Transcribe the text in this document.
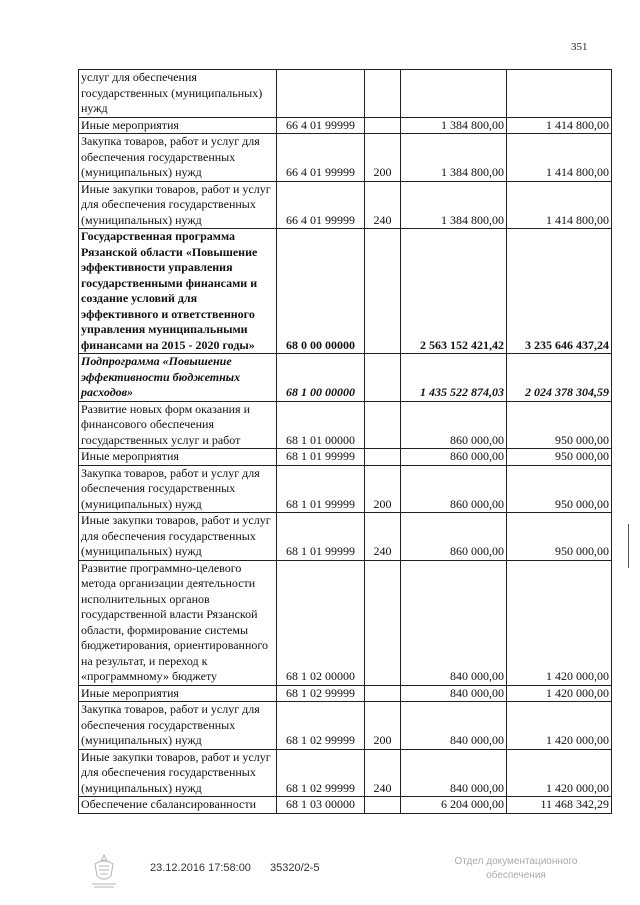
351
услуг для обеспечения государственных (муниципальных) нужд				
Иные мероприятия	66 4 01 99999		1 384 800,00	1 414 800,00
Закупка товаров, работ и услуг для обеспечения государственных (муниципальных) нужд	66 4 01 99999	200	1 384 800,00	1 414 800,00
Иные закупки товаров, работ и услуг для обеспечения государственных (муниципальных) нужд	66 4 01 99999	240	1 384 800,00	1 414 800,00
Государственная программа Рязанской области «Повышение эффективности управления государственными финансами и создание условий для эффективного и ответственного управления муниципальными финансами на 2015 - 2020 годы»	68 0 00 00000		2 563 152 421,42	3 235 646 437,24
Подпрограмма «Повышение эффективности бюджетных расходов»	68 1 00 00000		1 435 522 874,03	2 024 378 304,59
Развитие новых форм оказания и финансового обеспечения государственных услуг и работ	68 1 01 00000		860 000,00	950 000,00
Иные мероприятия	68 1 01 99999		860 000,00	950 000,00
Закупка товаров, работ и услуг для обеспечения государственных (муниципальных) нужд	68 1 01 99999	200	860 000,00	950 000,00
Иные закупки товаров, работ и услуг для обеспечения государственных (муниципальных) нужд	68 1 01 99999	240	860 000,00	950 000,00
Развитие программно-целевого метода организации деятельности исполнительных органов государственной власти Рязанской области, формирование системы бюджетирования, ориентированного на результат, и переход к «программному» бюджету	68 1 02 00000		840 000,00	1 420 000,00
Иные мероприятия	68 1 02 99999		840 000,00	1 420 000,00
Закупка товаров, работ и услуг для обеспечения государственных (муниципальных) нужд	68 1 02 99999	200	840 000,00	1 420 000,00
Иные закупки товаров, работ и услуг для обеспечения государственных (муниципальных) нужд	68 1 02 99999	240	840 000,00	1 420 000,00
Обеспечение сбалансированности	68 1 03 00000		6 204 000,00	11 468 342,29
23.12.2016 17:58:00 35320/2-5
Отдел документационного
обеспечения
